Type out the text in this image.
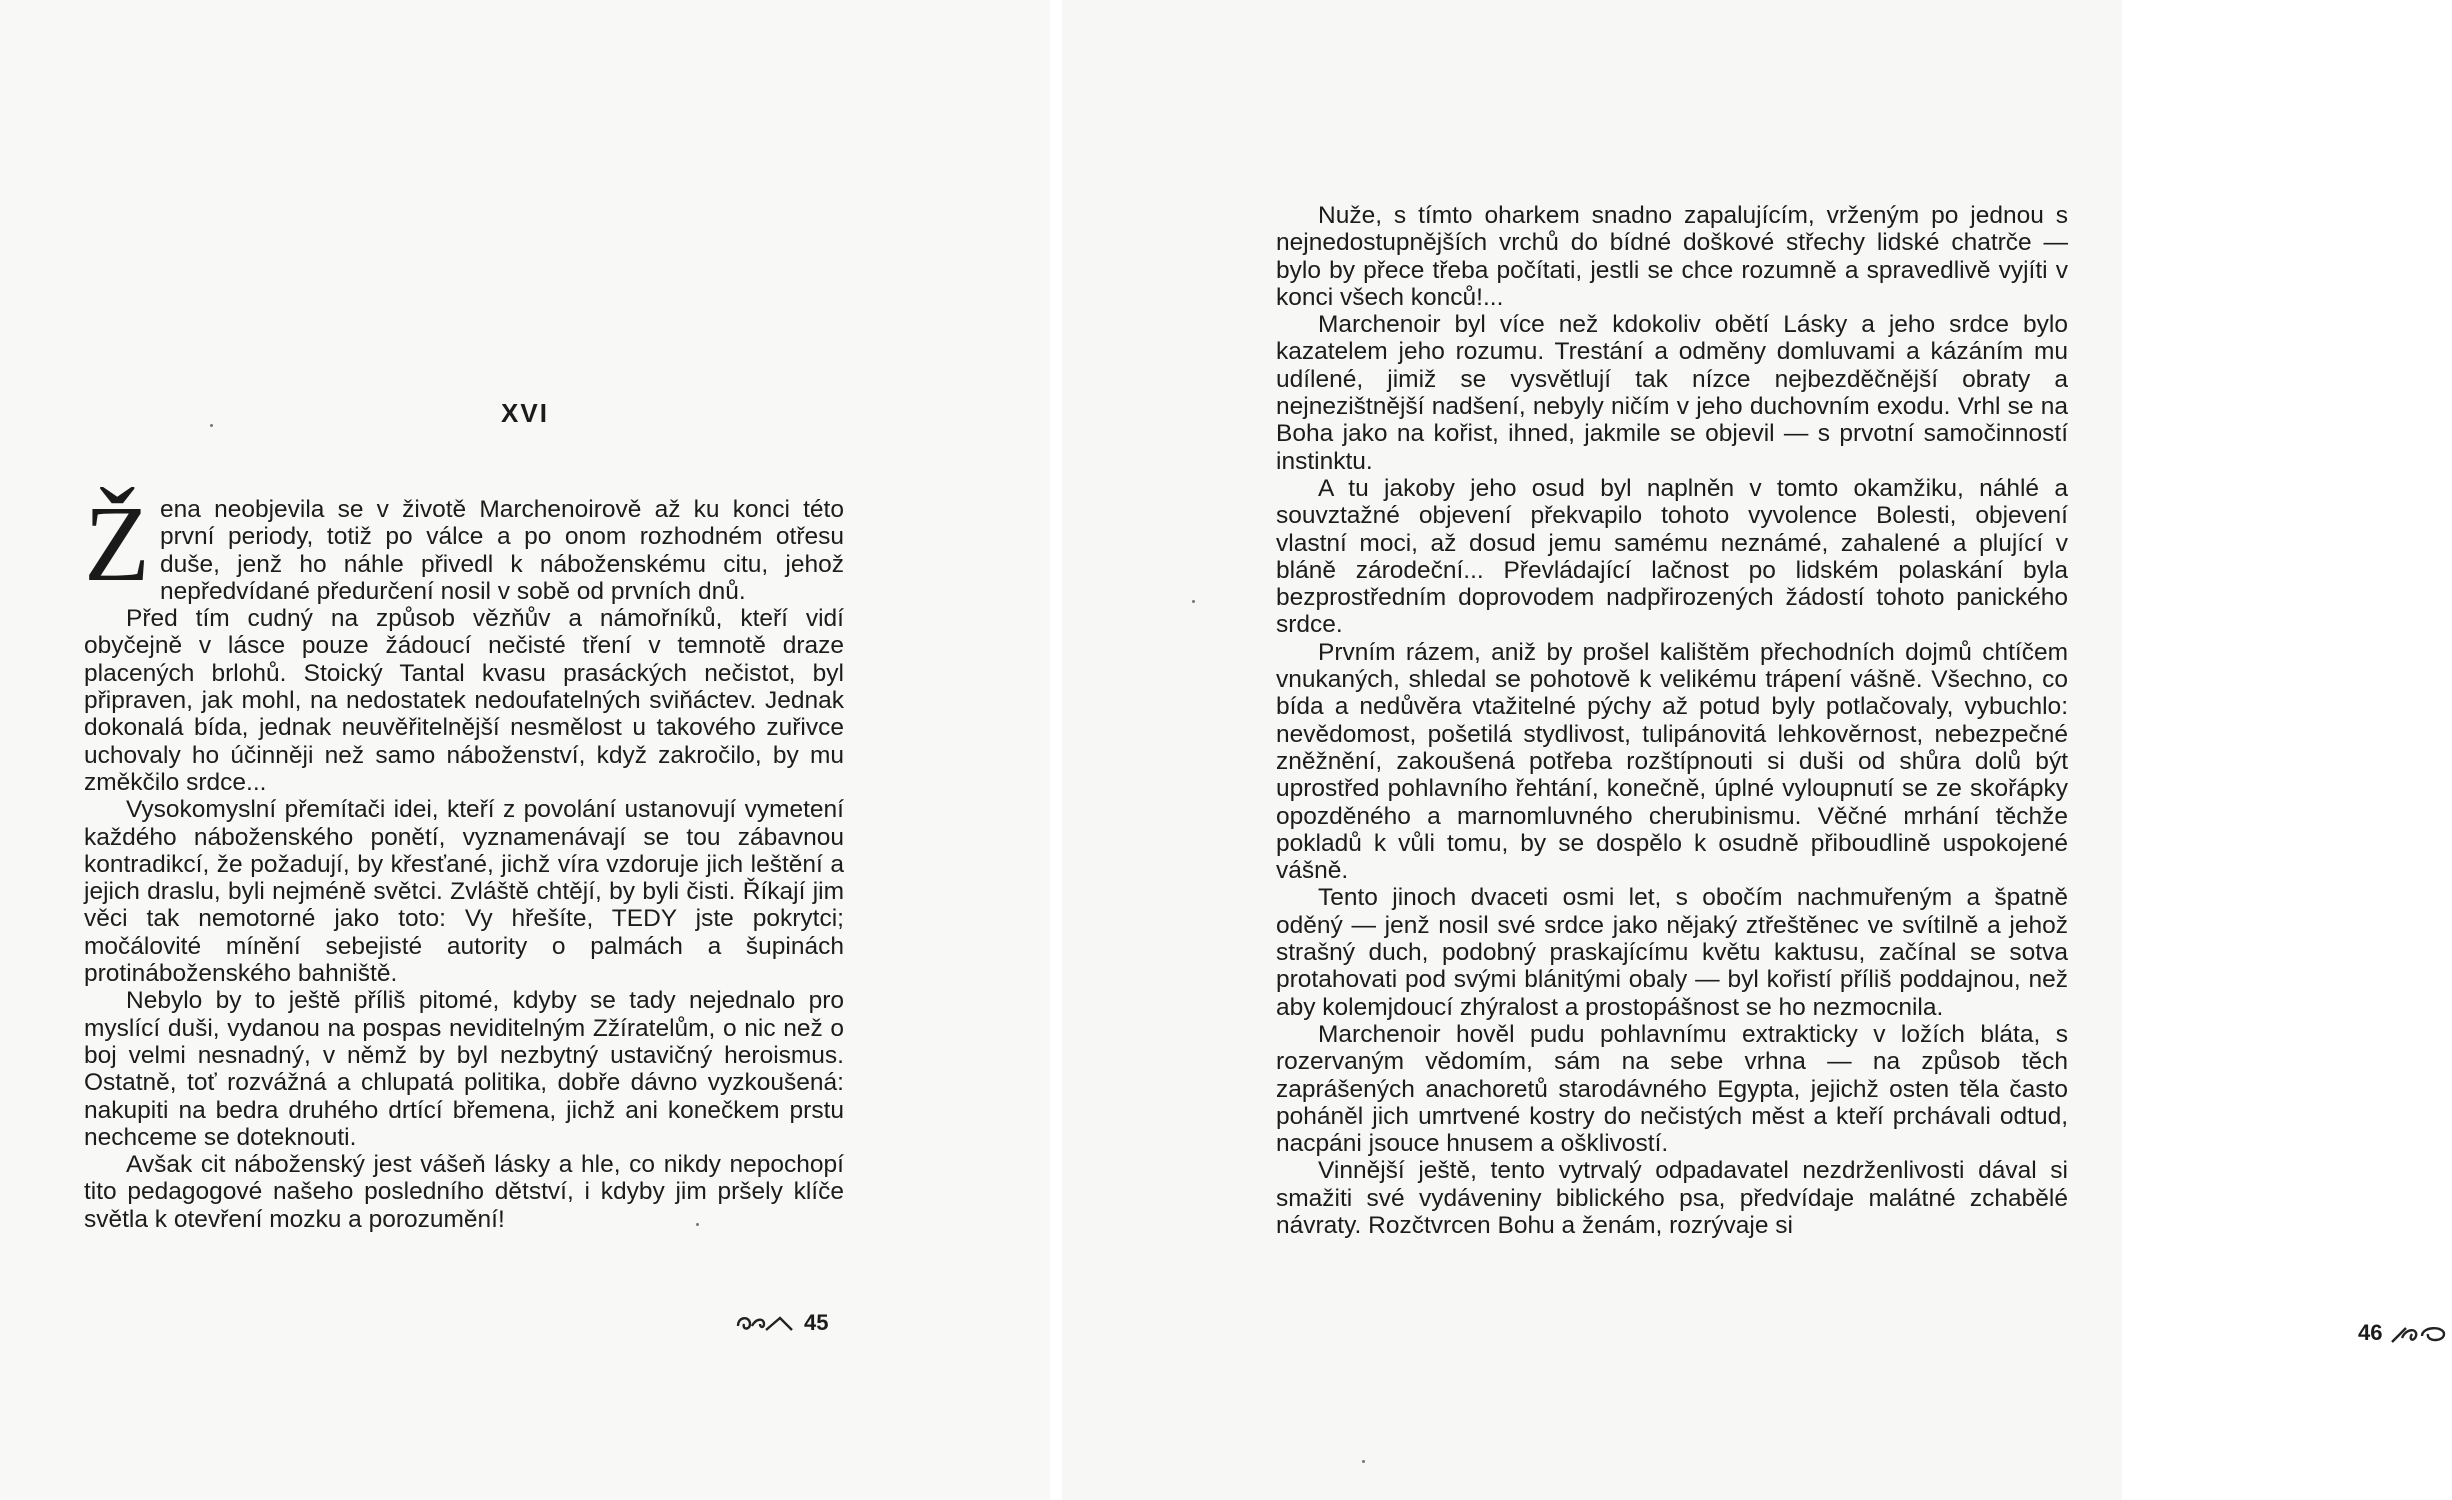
XVI

Žena neobjevila se v životě Marchenoirově až ku konci této první periody, totiž po válce a po onom rozhodném otřesu duše, jenž ho náhle přivedl k náboženskému citu, jehož nepředvídané předurčení nosil v sobě od prvních dnů.

Před tím cudný na způsob vězňův a námořníků, kteří vidí obyčejně v lásce pouze žádoucí nečisté tření v temnotě draze placených brlohů. Stoický Tantal kvasu prasáckých nečistot, byl připraven, jak mohl, na nedostatek nedoufatelných sviňáctev. Jednak dokonalá bída, jednak neuvěřitelnější nesmělost u takového zuřivce uchovaly ho účinněji než samo náboženství, když zakročilo, by mu změkčilo srdce...

Vysokomyslní přemítači idei, kteří z povolání ustanovují vymetení každého náboženského ponětí, vyznamenávají se tou zábavnou kontradikcí, že požadují, by křesťané, jichž víra vzdoruje jich leštění a jejich draslu, byli nejméně světci. Zvláště chtějí, by byli čisti. Říkají jim věci tak nemotorné jako toto: Vy hřešíte, TEDY jste pokrytci; močálovité mínění sebejisté autority o palmách a šupinách protináboženského bahniště.

Nebylo by to ještě příliš pitomé, kdyby se tady nejednalo pro myslící duši, vydanou na pospas neviditelným Zžíratelům, o nic než o boj velmi nesnadný, v němž by byl nezbytný ustavičný heroismus. Ostatně, toť rozvážná a chlupatá politika, dobře dávno vyzkoušená: nakupiti na bedra druhého drtící břemena, jichž ani konečkem prstu nechceme se doteknouti.

Avšak cit náboženský jest vášeň lásky a hle, co nikdy nepochopí tito pedagogové našeho posledního dětství, i kdyby jim pršely klíče světla k otevření mozku a porozumění!

45	46

Nuže, s tímto oharkem snadno zapalujícím, vrženým po jednou s nejnedostupnějších vrchů do bídné doškové střechy lidské chatrče — bylo by přece třeba počítati, jestli se chce rozumně a spravedlivě vyjíti v konci všech konců!...

Marchenoir byl více než kdokoliv obětí Lásky a jeho srdce bylo kazatelem jeho rozumu. Trestání a odměny domluvami a kázáním mu udílené, jimiž se vysvětlují tak nízce nejbezděčnější obraty a nejnezištnější nadšení, nebyly ničím v jeho duchovním exodu. Vrhl se na Boha jako na kořist, ihned, jakmile se objevil — s prvotní samočinností instinktu.

A tu jakoby jeho osud byl naplněn v tomto okamžiku, náhlé a souvztažné objevení překvapilo tohoto vyvolence Bolesti, objevení vlastní moci, až dosud jemu samému neznámé, zahalené a plující v bláně zárodeční... Převládající lačnost po lidském polaskání byla bezprostředním doprovodem nadpřirozených žádostí tohoto panického srdce.

Prvním rázem, aniž by prošel kalištěm přechodních dojmů chtíčem vnukaných, shledal se pohotově k velikému trápení vášně. Všechno, co bída a nedůvěra vtažitelné pýchy až potud byly potlačovaly, vybuchlo: nevědomost, pošetilá stydlivost, tulipánovitá lehkověrnost, nebezpečné zněžnění, zakoušená potřeba rozštípnouti si duši od shůra dolů být uprostřed pohlavního řehtání, konečně, úplné vyloupnutí se ze skořápky opozděného a marnomluvného cherubinismu. Věčné mrhání těchže pokladů k vůli tomu, by se dospělo k osudně přiboudlině uspokojené vášně.

Tento jinoch dvaceti osmi let, s obočím nachmuřeným a špatně oděný — jenž nosil své srdce jako nějaký ztřeštěnec ve svítilně a jehož strašný duch, podobný praskajícímu květu kaktusu, začínal se sotva protahovati pod svými blánitými obaly — byl kořistí příliš poddajnou, než aby kolemjdoucí zhýralost a prostopášnost se ho nezmocnila.

Marchenoir hověl pudu pohlavnímu extrakticky v ložích bláta, s rozervaným vědomím, sám na sebe vrhna — na způsob těch zaprášených anachoretů starodávného Egypta, jejichž osten těla často poháněl jich umrtvené kostry do nečistých měst a kteří prchávali odtud, nacpáni jsouce hnusem a ošklivostí.

Vinnější ještě, tento vytrvalý odpadavatel nezdrženlivosti dával si smažiti své vydáveniny biblického psa, předvídaje malátné zchabělé návraty. Rozčtvrcen Bohu a ženám, rozrývaje si
